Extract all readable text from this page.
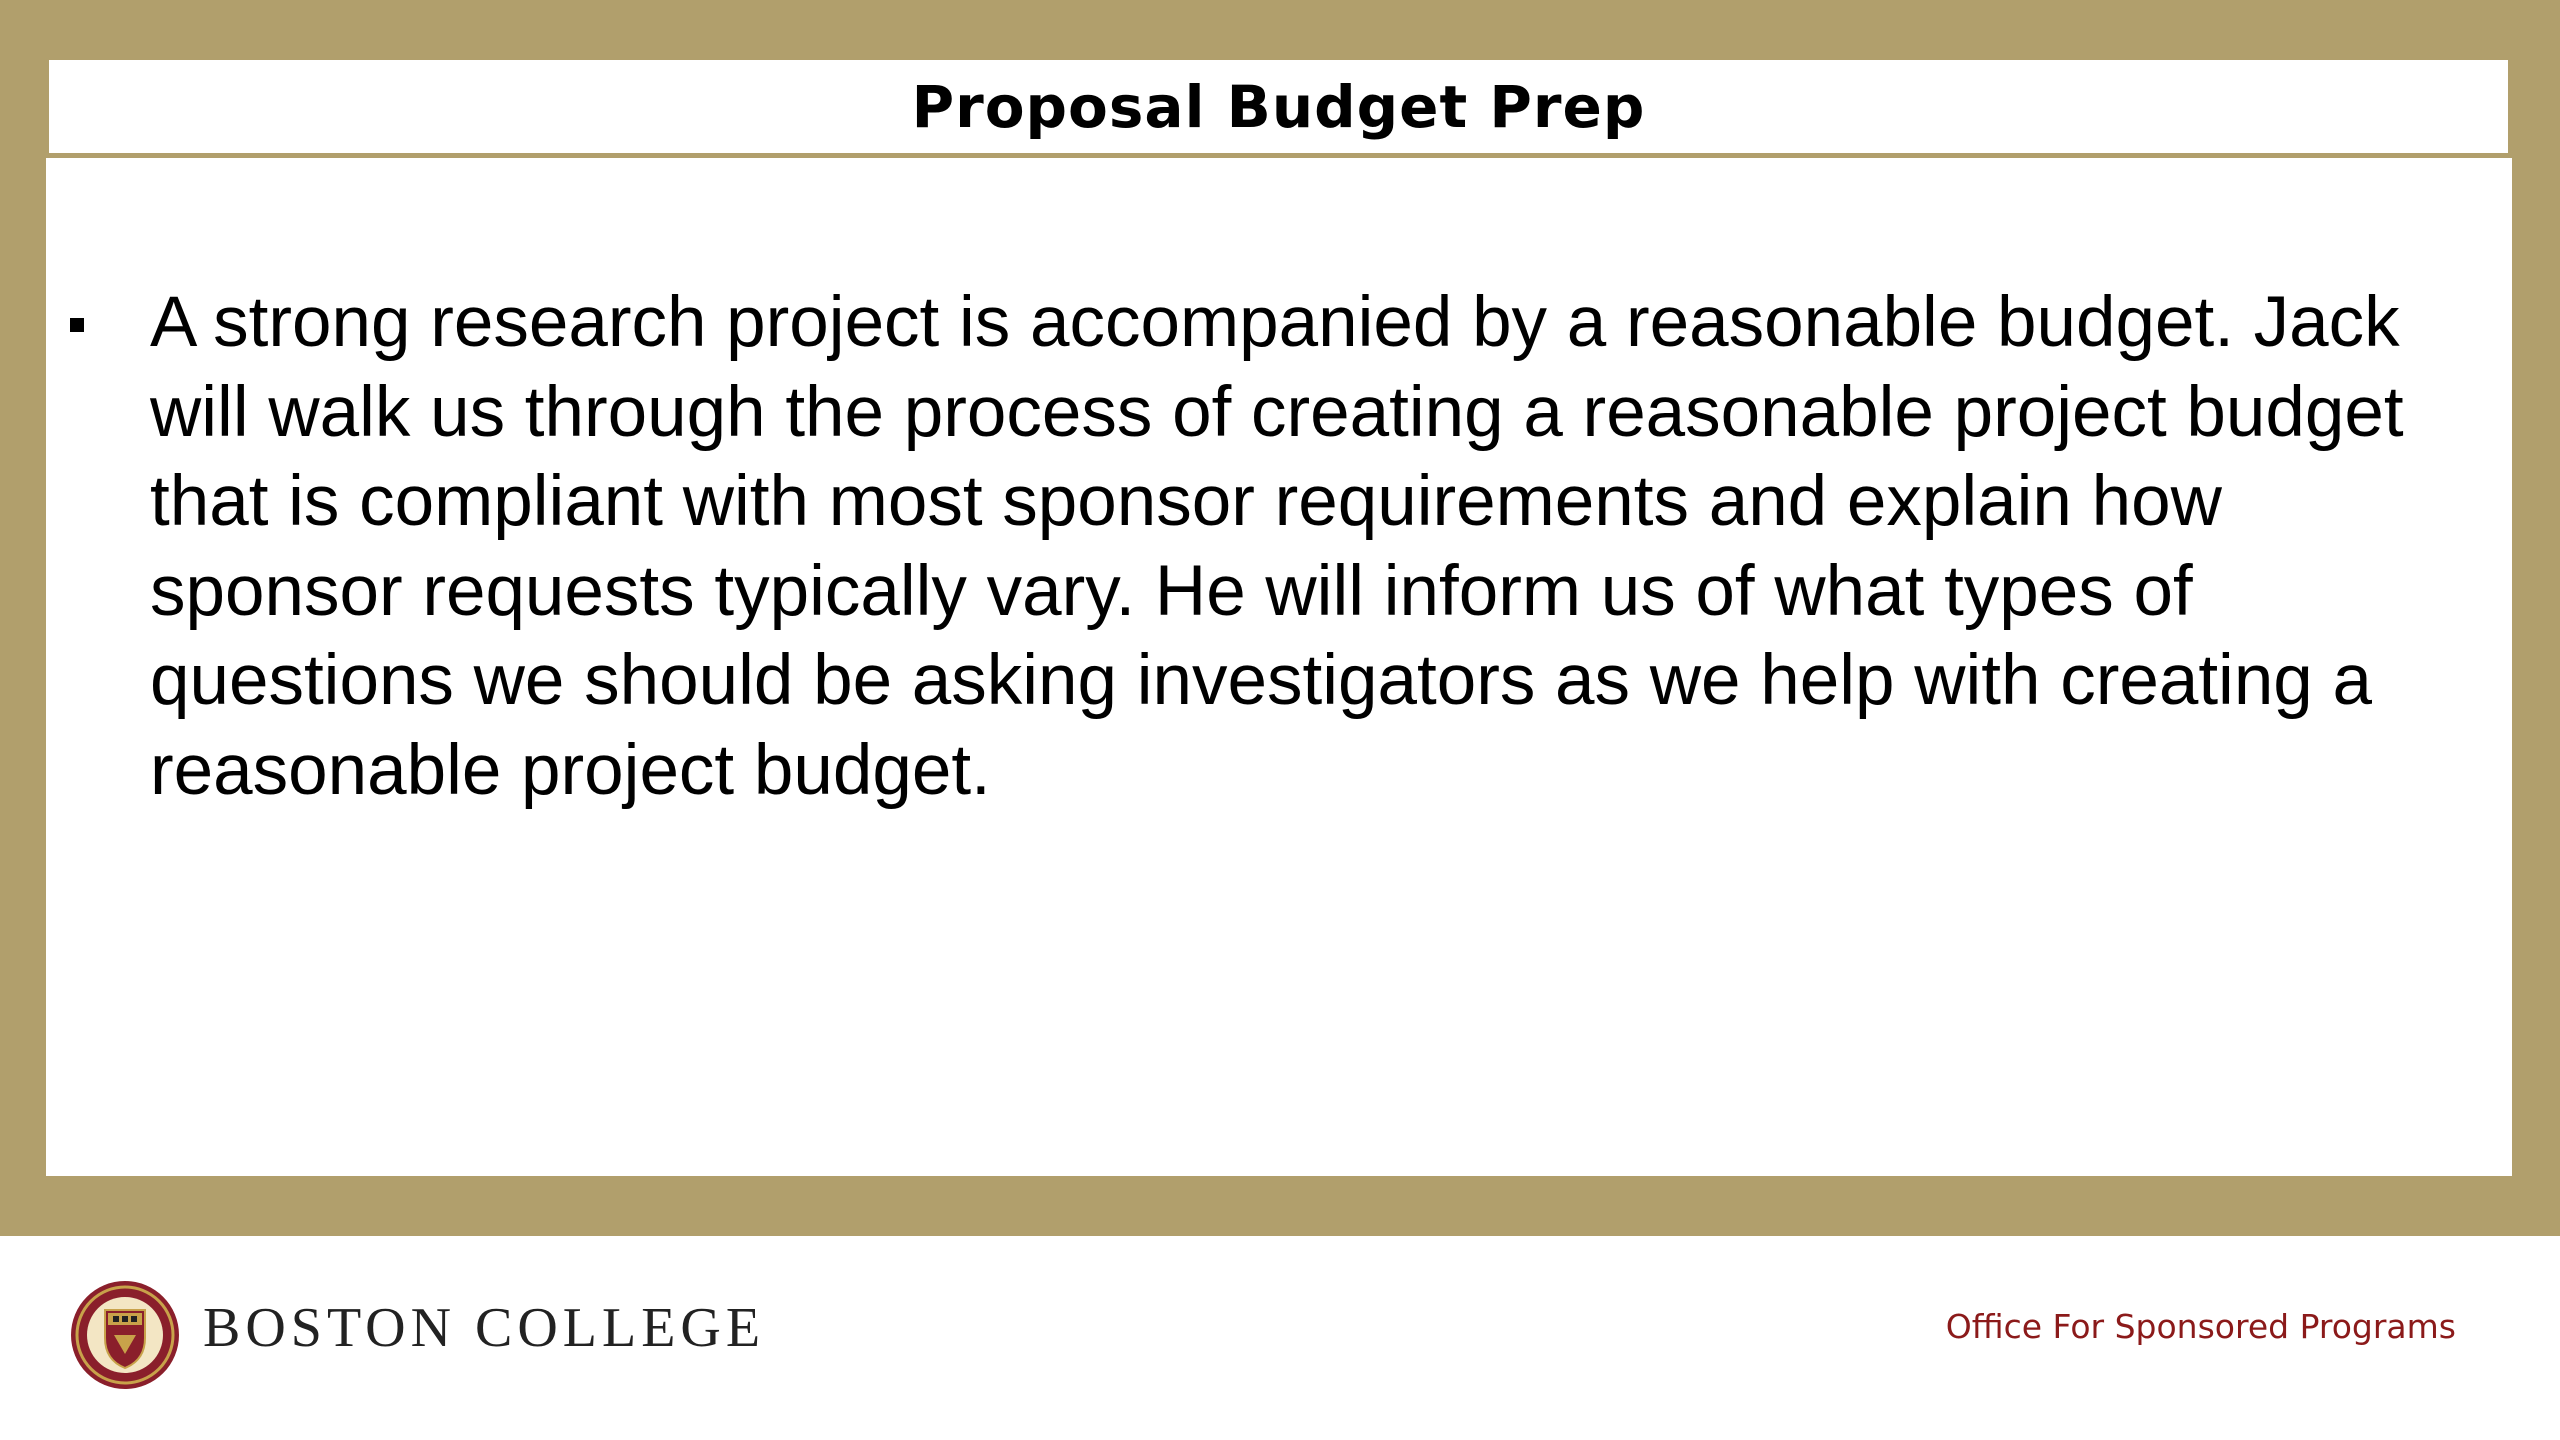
Proposal Budget Prep
A strong research project is accompanied by a reasonable budget. Jack will walk us through the process of creating a reasonable project budget that is compliant with most sponsor requirements and explain how sponsor requests typically vary. He will inform us of what types of questions we should be asking investigators as we help with creating a reasonable project budget.
BOSTON COLLEGE	Office For Sponsored Programs
